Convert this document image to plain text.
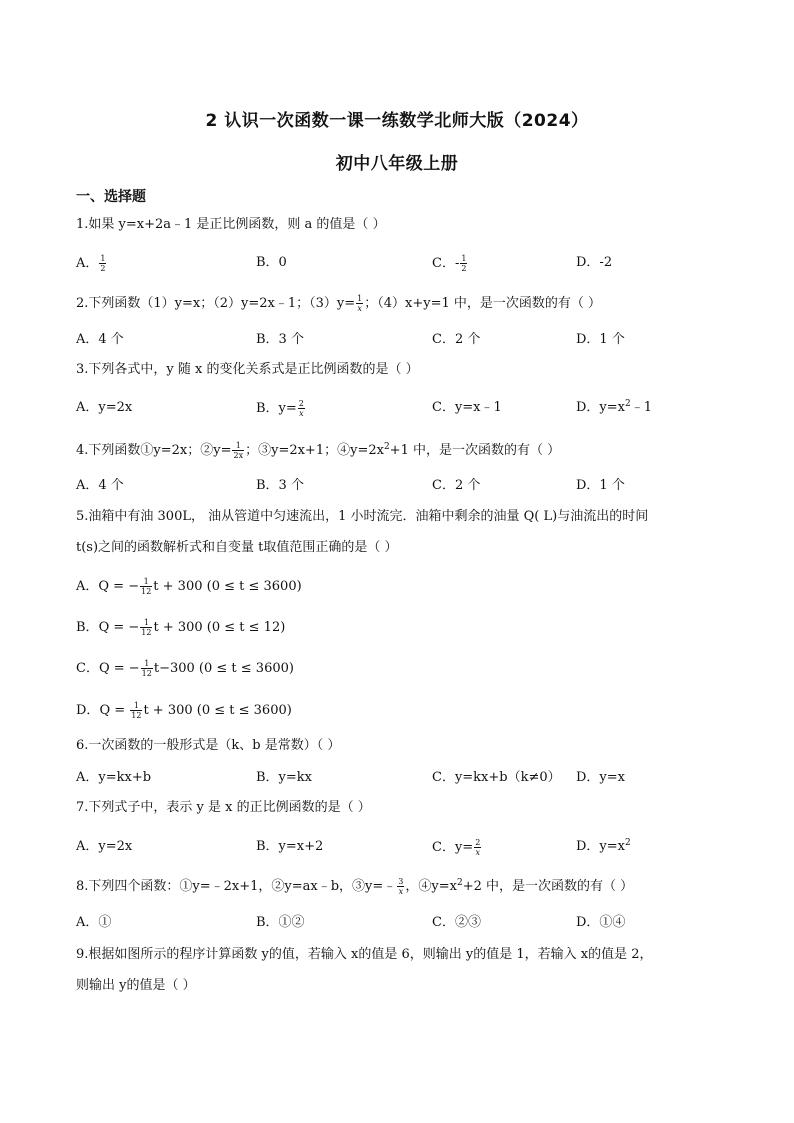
2 认识一次函数一课一练数学北师大版（2024）
初中八年级上册
一、选择题
1.如果 y=x+2a﹣1 是正比例函数，则 a 的值是（ ）
A． $\frac{1}{2}$	B．0	C．- $\frac{1}{2}$	D．-2
2.下列函数（1）y=x；（2）y=2x﹣1；$(3)y= \frac{1}{x}$ ；（4）x+y=1 中，是一次函数的有（ ）
A．4 个	B．3 个	C．2 个	D．1 个
3.下列各式中，y 随 x 的变化关系式是正比例函数的是（ ）
A．y=2x	B．$y= \frac{2}{x}$	C．y=x﹣1	D．$y=x^2﹣1$
4.下列函数①y=2x；②y= $\frac{1}{2x}$ ；③y=2x+1；$④y=2x^2+1$ 中，是一次函数的有（ ）
A．4 个	B．3 个	C．2 个	D．1 个
5.油箱中有油 300L， 油从管道中匀速流出，1 小时流完．油箱中剩余的油量 Q( L)与油流出的时间
t(s)之间的函数解析式和自变量 t取值范围正确的是（ ）
A．Q = − $\frac{1}{12}$ t + 300 (0 ≤ t ≤ 3600)
B．Q = − $\frac{1}{12}$ t + 300 (0 ≤ t ≤ 12)
C．Q = − $\frac{1}{12} t-300$ (0 ≤ t ≤ 3600)
D．$Q = \frac{1}{12}$ t + 300 (0 ≤ t ≤ 3600)
6.一次函数的一般形式是（k、b 是常数）（ ）
A．y=kx+b	B．y=kx	C．y=kx+b（k≠0） D．y=x
7.下列式子中，表示 y 是 x 的正比例函数的是（ ）
A．y=2x	B．y=x+2	C．$y= \frac{2}{x}$	D．$y=x^2$
8.下列四个函数：①y=﹣2x+1，②y=ax﹣b，③y=﹣ $\frac{3}{x}$ ，$④y=x^2+2$ 中，是一次函数的有（ ）
A．①	B．①②	C．②③	D．①④
9.根据如图所示的程序计算函数 y的值，若输入 x的值是 6，则输出 y的值是 1，若输入 x的值是 2，
则输出 y的值是（ ）
